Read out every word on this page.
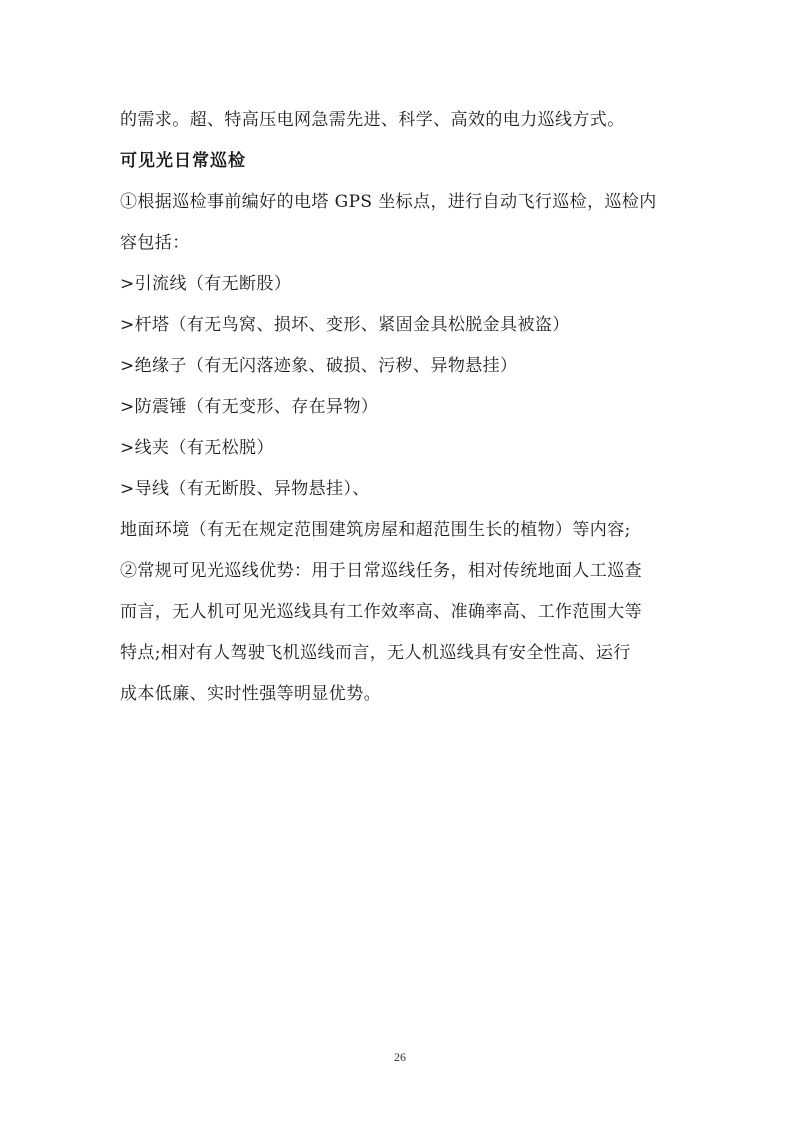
的需求。超、特高压电网急需先进、科学、高效的电力巡线方式。
可见光日常巡检
①根据巡检事前编好的电塔 GPS 坐标点，进行自动飞行巡检，巡检内
容包括：
>引流线（有无断股）
>杆塔（有无鸟窝、损坏、变形、紧固金具松脱金具被盗）
>绝缘子（有无闪落迹象、破损、污秽、异物悬挂）
>防震锤（有无变形、存在异物）
>线夹（有无松脱）
>导线（有无断股、异物悬挂）、
地面环境（有无在规定范围建筑房屋和超范围生长的植物）等内容;
②常规可见光巡线优势：用于日常巡线任务，相对传统地面人工巡查
而言，无人机可见光巡线具有工作效率高、准确率高、工作范围大等
特点;相对有人驾驶飞机巡线而言，无人机巡线具有安全性高、运行
成本低廉、实时性强等明显优势。
26
